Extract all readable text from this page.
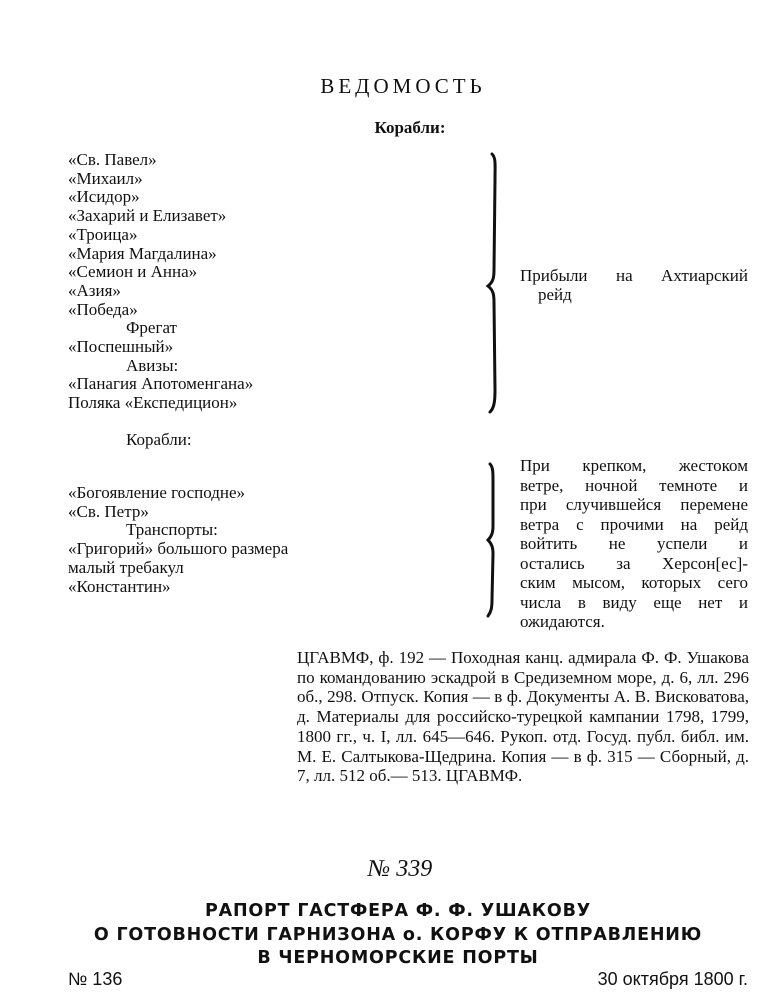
ВЕДОМОСТЬ
Корабли:
«Св. Павел»
«Михаил»
«Исидор»
«Захарий и Елизавет»
«Троица»
«Мария Магдалина»
«Семион и Анна»
«Азия»
«Победа»
Фрегат
«Поспешный»
Авизы:
«Панагия Апотоменгана»
Поляка «Експедицион»
Прибыли на Ахтиарский
рейд
Корабли:
«Богоявление господне»
«Св. Петр»
Транспорты:
«Григорий» большого размера
малый требакул
«Константин»
При крепком, жестоком
ветре, ночной темноте и
при случившейся перемене
ветра с прочими на рейд
войтить не успели и
остались за Херсон[ес]-
ским мысом, которых сего
числа в виду еще нет и
ожидаются.
ЦГАВМФ, ф. 192 — Походная канц. адмирала Ф. Ф. Ушакова по командованию эскадрой в Средиземном море, д. 6, лл. 296 об., 298. Отпуск. Копия — в ф. Документы А. В. Висковатова, д. Материалы для российско-турецкой кампании 1798, 1799, 1800 гг., ч. I, лл. 645—646. Рукоп. отд. Госуд. публ. библ. им. М. Е. Салтыкова-Щедрина. Копия — в ф. 315 — Сборный, д. 7, лл. 512 об.— 513. ЦГАВМФ.
№ 339
РАПОРТ ГАСТФЕРА Ф. Ф. УШАКОВУ
О ГОТОВНОСТИ ГАРНИЗОНА о. КОРФУ К ОТПРАВЛЕНИЮ
В ЧЕРНОМОРСКИЕ ПОРТЫ
№ 136	30 октября 1800 г.
